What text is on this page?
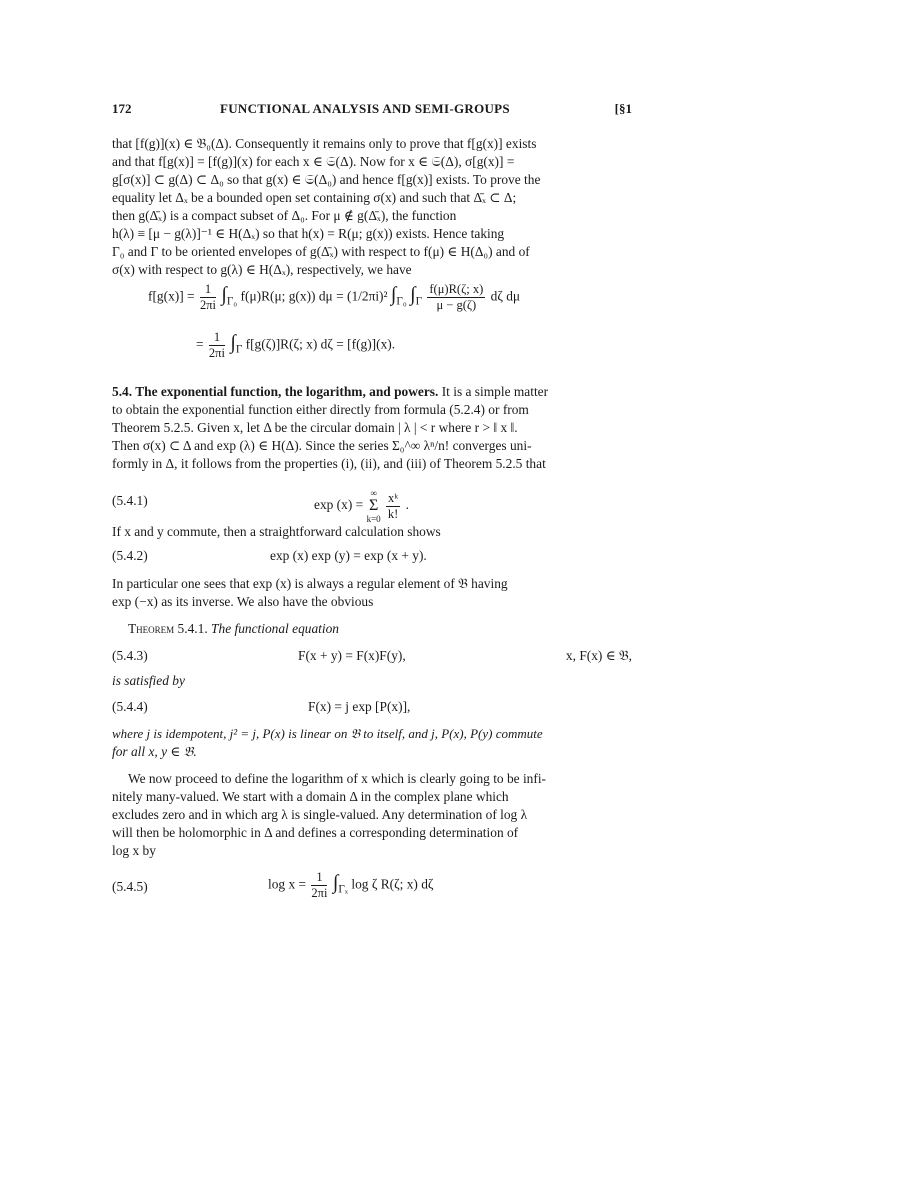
172	FUNCTIONAL ANALYSIS AND SEMI-GROUPS	[§1

that [f(g)](x) ∈ 𝔅₀(Δ). Consequently it remains only to prove that f[g(x)] exists

and that f[g(x)] = [f(g)](x) for each x ∈ 𝔖(Δ). Now for x ∈ 𝔖(Δ), σ[g(x)] =

g[σ(x)] ⊂ g(Δ) ⊂ Δ₀ so that g(x) ∈ 𝔖(Δ₀) and hence f[g(x)] exists. To prove the

equality let Δₓ be a bounded open set containing σ(x) and such that Δ̄ₓ ⊂ Δ;

then g(Δ̄ₓ) is a compact subset of Δ₀. For μ ∉ g(Δ̄ₓ), the function

h(λ) ≡ [μ − g(λ)]⁻¹ ∈ H(Δₓ) so that h(x) = R(μ; g(x)) exists. Hence taking

Γ₀ and Γ to be oriented envelopes of g(Δ̄ₓ) with respect to f(μ) ∈ H(Δ₀) and of

σ(x) with respect to g(λ) ∈ H(Δₓ), respectively, we have

$f[g(x)] = \frac{1}{2\pi i} \int_{\Gamma_0}$ f(μ)R(μ; g(x)) dμ = (1/2πi)² $\int_{\Gamma_0}$ $\int_\Gamma \frac{f(\mu)R(\zeta; x)}{\mu - g(\zeta)}$ dζ dμ
= $\frac{1}{2\pi i} \int_\Gamma$ f[g(ζ)]R(ζ; x) dζ = [f(g)](x).

5.4. The exponential function, the logarithm, and powers. It is a simple matter

to obtain the exponential function either directly from formula (5.2.4) or from

Theorem 5.2.5. Given x, let Δ be the circular domain | λ | < r where r > ‖ x ‖.

Then σ(x) ⊂ Δ and exp (λ) ∈ H(Δ). Since the series Σ₀^∞ λⁿ/n! converges uni-

formly in Δ, it follows from the properties (i), (ii), and (iii) of Theorem 5.2.5 that

(5.4.1)	exp (x) =
∞
Σ
k=0
$\frac{\text{xᵏ}}{k!}$ .

If x and y commute, then a straightforward calculation shows

(5.4.2)	exp (x) exp (y) = exp (x + y).

In particular one sees that exp (x) is always a regular element of 𝔅 having

exp (−x) as its inverse. We also have the obvious

Theorem 5.4.1. The functional equation
(5.4.3)	F(x + y) = F(x)F(y),	x, F(x) ∈ 𝔅,

is satisfied by

(5.4.4)	F(x) = j exp [P(x)],

where j is idempotent, j² = j, P(x) is linear on 𝔅 to itself, and j, P(x), P(y) commute

for all x, y ∈ 𝔅.

We now proceed to define the logarithm of x which is clearly going to be infi-

nitely many-valued. We start with a domain Δ in the complex plane which

excludes zero and in which arg λ is single-valued. Any determination of log λ

will then be holomorphic in Δ and defines a corresponding determination of

log x by

(5.4.5)	$\log x = \frac{1}{2\pi i} \int_{\Gamma_x}$ log ζ R(ζ; x) dζ
